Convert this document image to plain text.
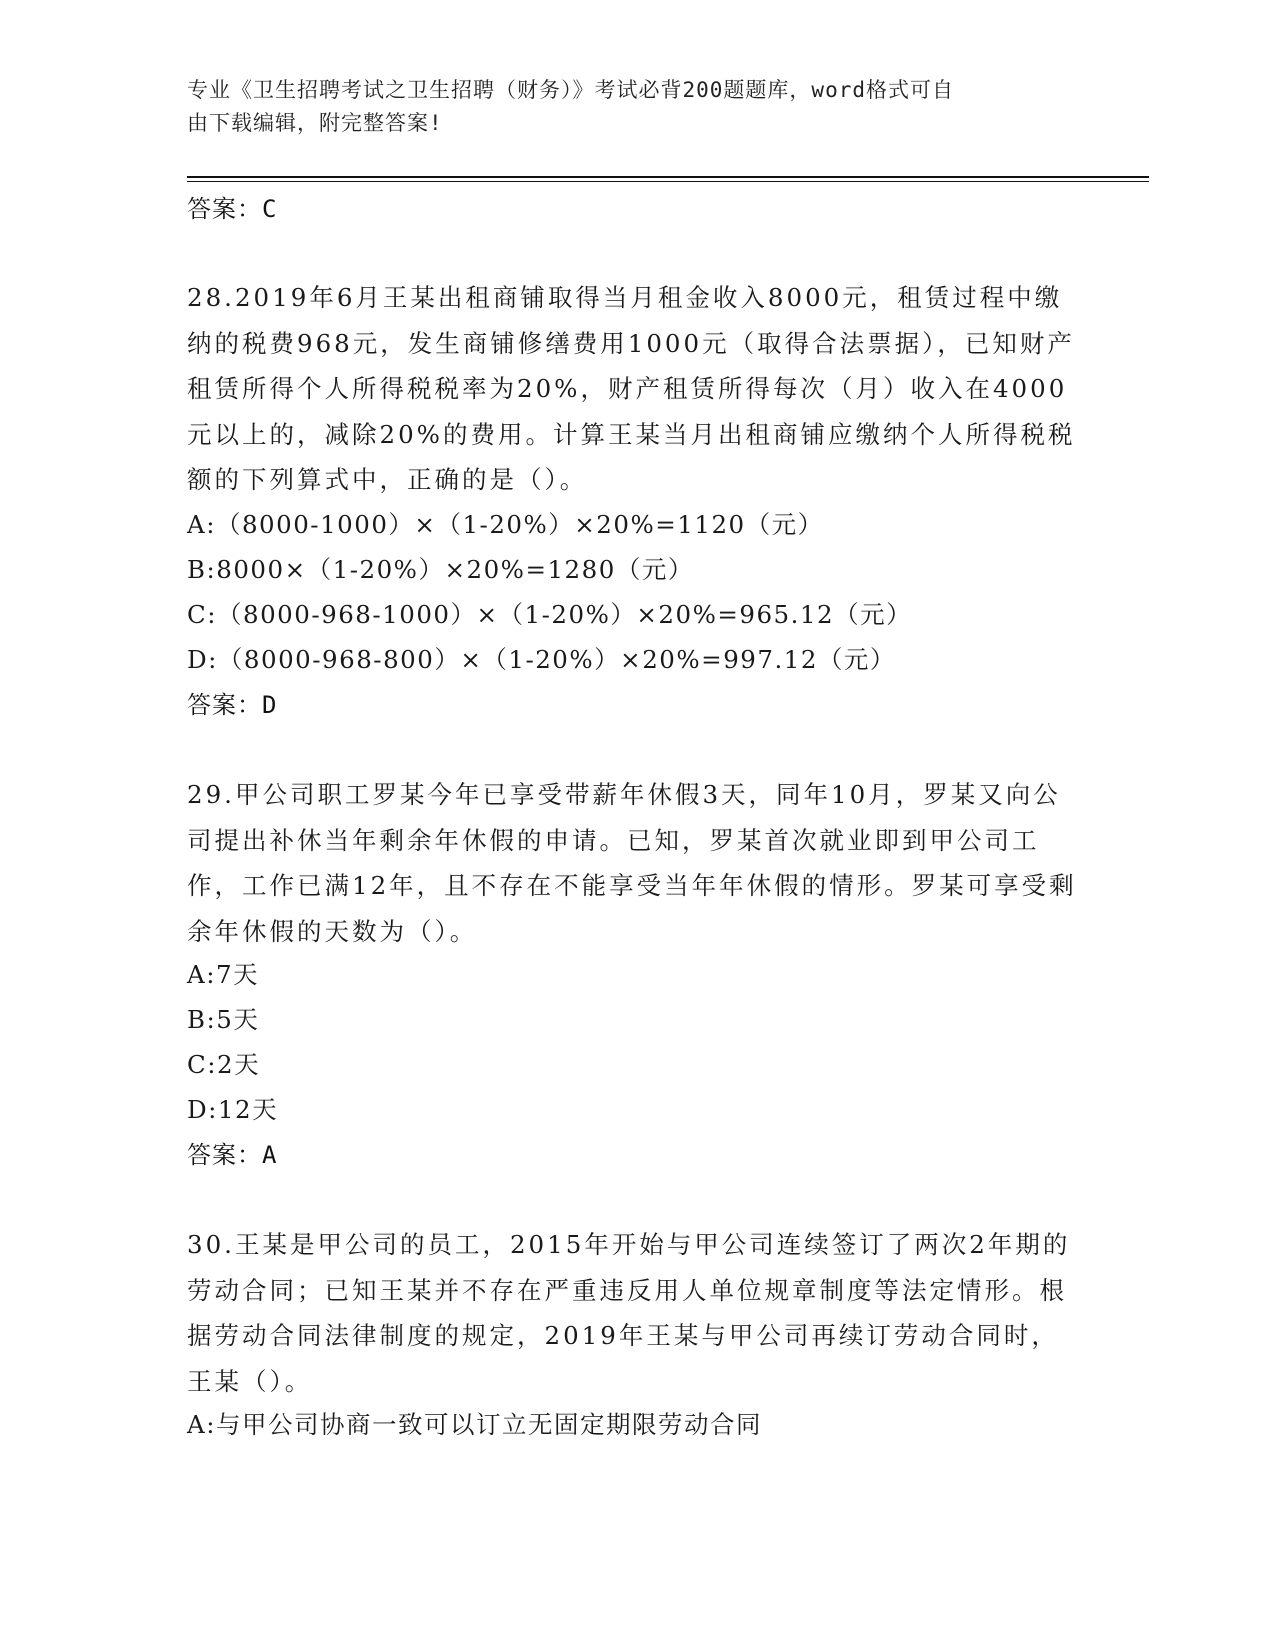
专业《卫生招聘考试之卫生招聘（财务）》考试必背200题题库，word格式可自
由下载编辑，附完整答案!
答案：C
28.2019年6月王某出租商铺取得当月租金收入8000元，租赁过程中缴纳的税费968元，发生商铺修缮费用1000元（取得合法票据），已知财产租赁所得个人所得税税率为20%，财产租赁所得每次（月）收入在4000元以上的，减除20%的费用。计算王某当月出租商铺应缴纳个人所得税税额的下列算式中，正确的是（）。
A:（8000-1000）×（1-20%）×20%=1120（元）
B:8000×（1-20%）×20%=1280（元）
C:（8000-968-1000）×（1-20%）×20%=965.12（元）
D:（8000-968-800）×（1-20%）×20%=997.12（元）
答案：D
29.甲公司职工罗某今年已享受带薪年休假3天，同年10月，罗某又向公司提出补休当年剩余年休假的申请。已知，罗某首次就业即到甲公司工作，工作已满12年，且不存在不能享受当年年休假的情形。罗某可享受剩余年休假的天数为（）。
A:7天
B:5天
C:2天
D:12天
答案：A
30.王某是甲公司的员工，2015年开始与甲公司连续签订了两次2年期的劳动合同；已知王某并不存在严重违反用人单位规章制度等法定情形。根据劳动合同法律制度的规定，2019年王某与甲公司再续订劳动合同时，王某（）。
A:与甲公司协商一致可以订立无固定期限劳动合同
